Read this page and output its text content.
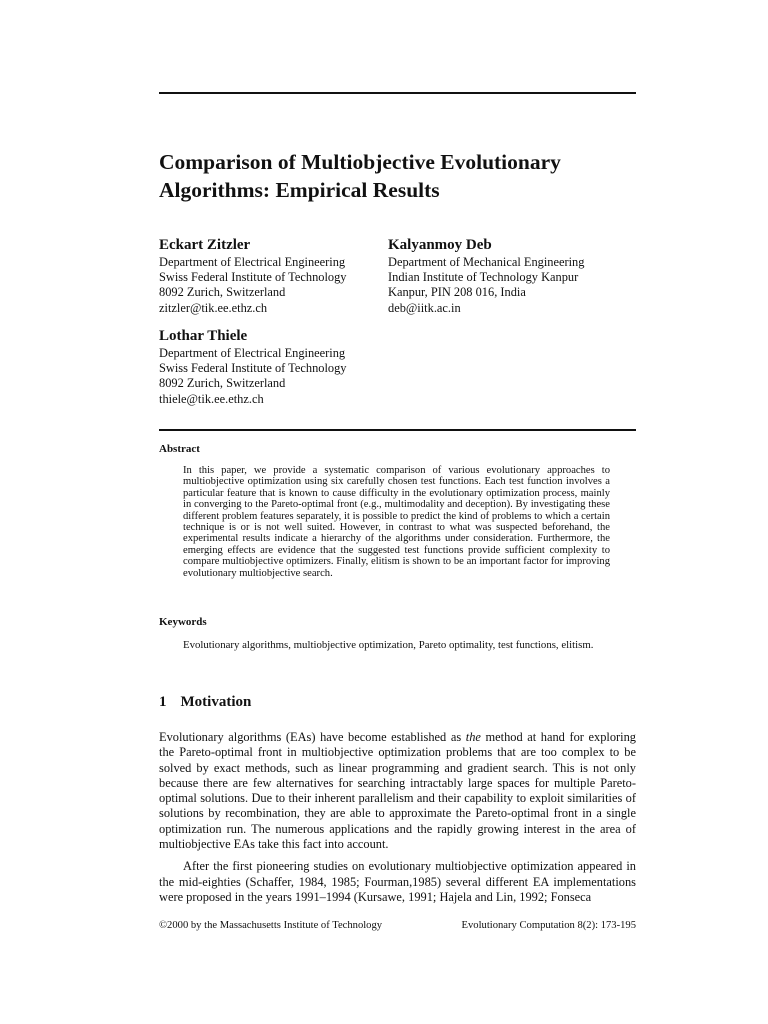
Comparison of Multiobjective Evolutionary Algorithms: Empirical Results
Eckart Zitzler
Department of Electrical Engineering
Swiss Federal Institute of Technology
8092 Zurich, Switzerland
zitzler@tik.ee.ethz.ch
Kalyanmoy Deb
Department of Mechanical Engineering
Indian Institute of Technology Kanpur
Kanpur, PIN 208 016, India
deb@iitk.ac.in
Lothar Thiele
Department of Electrical Engineering
Swiss Federal Institute of Technology
8092 Zurich, Switzerland
thiele@tik.ee.ethz.ch
Abstract

In this paper, we provide a systematic comparison of various evolutionary approaches to multiobjective optimization using six carefully chosen test functions. Each test function involves a particular feature that is known to cause difficulty in the evolutionary optimization process, mainly in converging to the Pareto-optimal front (e.g., multimodality and deception). By investigating these different problem features separately, it is possible to predict the kind of problems to which a certain technique is or is not well suited. However, in contrast to what was suspected beforehand, the experimental results indicate a hierarchy of the algorithms under consideration. Furthermore, the emerging effects are evidence that the suggested test functions provide sufficient complexity to compare multiobjective optimizers. Finally, elitism is shown to be an important factor for improving evolutionary multiobjective search.

Keywords

Evolutionary algorithms, multiobjective optimization, Pareto optimality, test functions, elitism.

1 Motivation

Evolutionary algorithms (EAs) have become established as the method at hand for exploring the Pareto-optimal front in multiobjective optimization problems that are too complex to be solved by exact methods, such as linear programming and gradient search. This is not only because there are few alternatives for searching intractably large spaces for multiple Pareto-optimal solutions. Due to their inherent parallelism and their capability to exploit similarities of solutions by recombination, they are able to approximate the Pareto-optimal front in a single optimization run. The numerous applications and the rapidly growing interest in the area of multiobjective EAs take this fact into account.

After the first pioneering studies on evolutionary multiobjective optimization appeared in the mid-eighties (Schaffer, 1984, 1985; Fourman,1985) several different EA implementations were proposed in the years 1991–1994 (Kursawe, 1991; Hajela and Lin, 1992; Fonseca

©2000 by the Massachusetts Institute of Technology	Evolutionary Computation 8(2): 173-195
